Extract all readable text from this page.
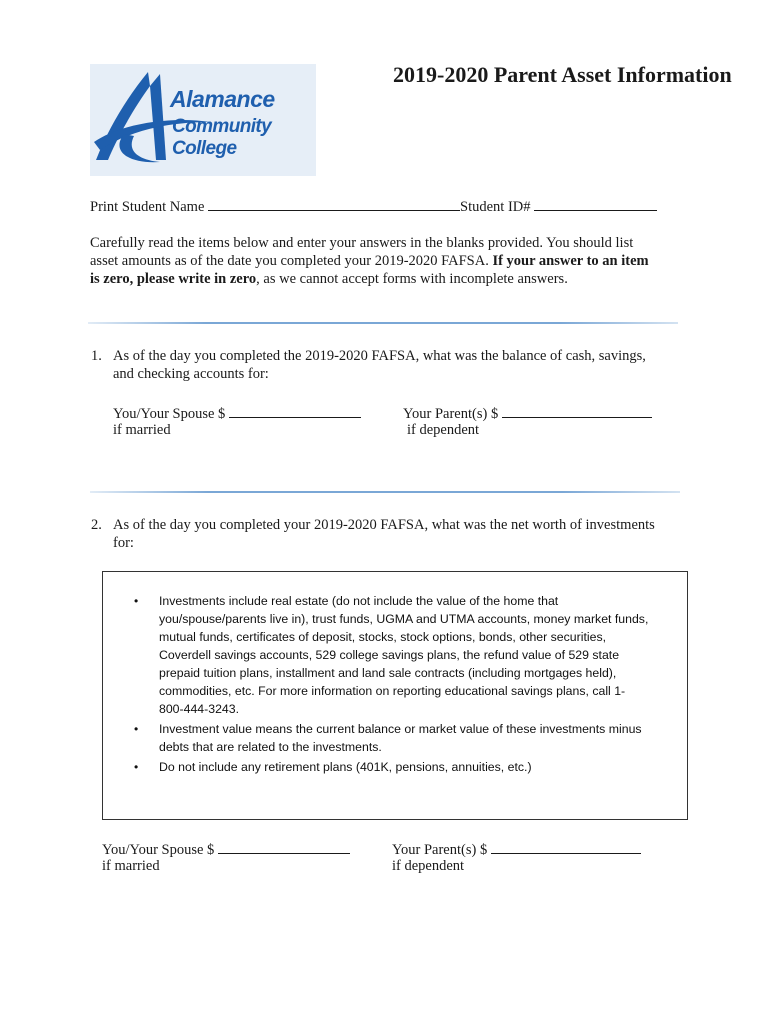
Alamance
Community College
2019-2020 Parent Asset Information
Print Student Name	Student ID#
Carefully read the items below and enter your answers in the blanks provided. You should list
asset amounts as of the date you completed your 2019-2020 FAFSA. If your answer to an item
is zero, please write in zero, as we cannot accept forms with incomplete answers.
1. As of the day you completed the 2019-2020 FAFSA, what was the balance of cash, savings,
and checking accounts for:
You/Your Spouse $
if married
Your Parent(s) $
if dependent
2. As of the day you completed your 2019-2020 FAFSA, what was the net worth of investments
for:
• Investments include real estate (do not include the value of the home that
you/spouse/parents live in), trust funds, UGMA and UTMA accounts, money market funds,
mutual funds, certificates of deposit, stocks, stock options, bonds, other securities,
Coverdell savings accounts, 529 college savings plans, the refund value of 529 state
prepaid tuition plans, installment and land sale contracts (including mortgages held),
commodities, etc. For more information on reporting educational savings plans, call 1-
800-444-3243.
• Investment value means the current balance or market value of these investments minus
debts that are related to the investments.
• Do not include any retirement plans (401K, pensions, annuities, etc.)
You/Your Spouse $
if married
Your Parent(s) $
if dependent
